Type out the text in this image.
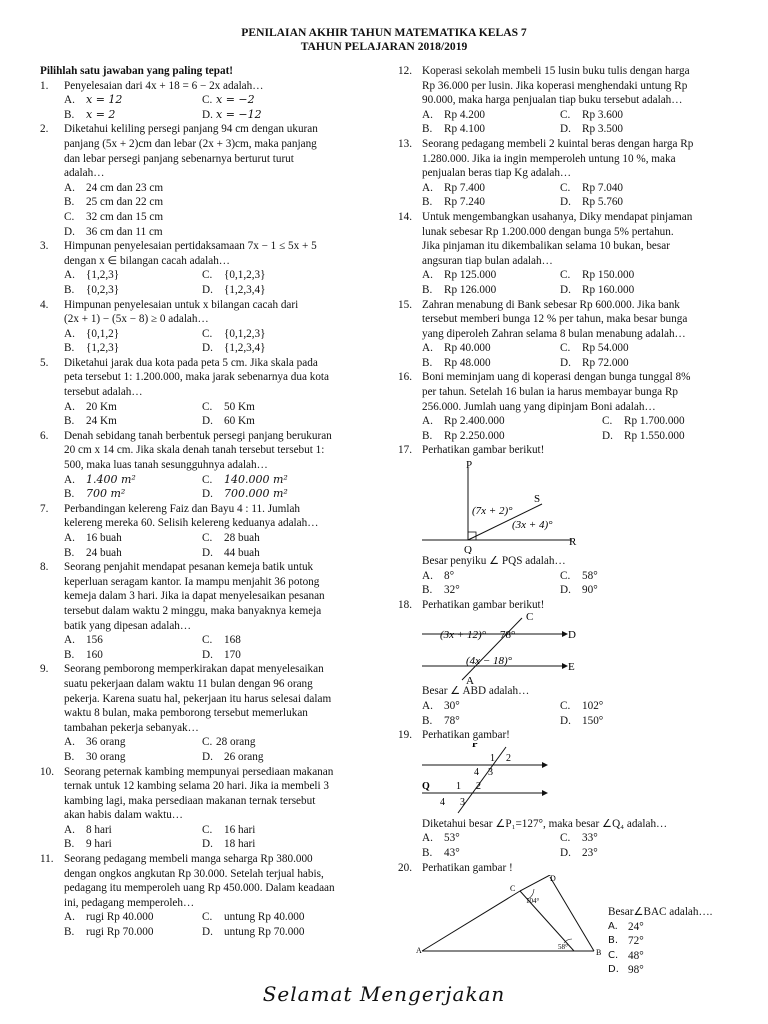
PENILAIAN AKHIR TAHUN MATEMATIKA KELAS 7
TAHUN PELAJARAN 2018/2019
Pilihlah satu jawaban yang paling tepat!
1.	Penyelesaian dari 4x + 18 = 6 − 2x adalah…
A.	x = 12	C. x = −2
B.	x = 2	D. x = −12
2.	Diketahui keliling persegi panjang 94 cm dengan ukuran
panjang (5x + 2)cm dan lebar (2x + 3)cm, maka panjang
dan lebar persegi panjang sebenarnya berturut turut
adalah…
A. 24 cm dan 23 cm
B.	25 cm dan 22 cm
C.	32 cm dan 15 cm
D. 36 cm dan 11 cm
3.	Himpunan penyelesaian pertidaksamaan 7x − 1 ≤ 5x + 5
dengan x ∈ bilangan cacah adalah…
A. {1,2,3}	C.	{0,1,2,3}
B.	{0,2,3}	D. {1,2,3,4}
4.	Himpunan penyelesaian untuk x bilangan cacah dari
(2x + 1) − (5x − 8) ≥ 0 adalah…
A. {0,1,2}	C.	{0,1,2,3}
B.	{1,2,3}	D. {1,2,3,4}
5.	Diketahui jarak dua kota pada peta 5 cm. Jika skala pada
peta tersebut 1: 1.200.000, maka jarak sebenarnya dua kota
tersebut adalah…
A. 20 Km	C.	50 Km
B.	24 Km	D. 60 Km
6.	Denah sebidang tanah berbentuk persegi panjang berukuran
20 cm x 14 cm. Jika skala denah tanah tersebut tersebut 1:
500, maka luas tanah sesungguhnya adalah…
A.	1.400 m²	C.	140.000 m²
B.	700 m²	D.	700.000 m²
7.	Perbandingan kelereng Faiz dan Bayu 4 : 11. Jumlah
kelereng mereka 60. Selisih kelereng keduanya adalah…
A. 16 buah	C.	28 buah
B.	24 buah	D. 44 buah
8.	Seorang penjahit mendapat pesanan kemeja batik untuk
keperluan seragam kantor. Ia mampu menjahit 36 potong
kemeja dalam 3 hari. Jika ia dapat menyelesaikan pesanan
tersebut dalam waktu 2 minggu, maka banyaknya kemeja
batik yang dipesan adalah…
A. 156	C.	168
B.	160	D. 170
9.	Seorang pemborong memperkirakan dapat menyelesaikan
suatu pekerjaan dalam waktu 11 bulan dengan 96 orang
pekerja. Karena suatu hal, pekerjaan itu harus selesai dalam
waktu 8 bulan, maka pemborong tersebut memerlukan
tambahan pekerja sebanyak…
A. 36 orang	C. 28 orang
B.	30 orang	D. 26 orang
10. Seorang peternak kambing mempunyai persediaan makanan
ternak untuk 12 kambing selama 20 hari. Jika ia membeli 3
kambing lagi, maka persediaan makanan ternak tersebut
akan habis dalam waktu…
A. 8 hari	C.	16 hari
B.	9 hari	D. 18 hari
11. Seorang pedagang membeli manga seharga Rp 380.000
dengan ongkos angkutan Rp 30.000. Setelah terjual habis,
pedagang itu memperoleh uang Rp 450.000. Dalam keadaan
ini, pedagang memperoleh…
A. rugi Rp 40.000	C.	untung Rp 40.000
B.	rugi Rp 70.000	D. untung Rp 70.000
12. Koperasi sekolah membeli 15 lusin buku tulis dengan harga
Rp 36.000 per lusin. Jika koperasi menghendaki untung Rp
90.000, maka harga penjualan tiap buku tersebut adalah…
A. Rp 4.200	C.	Rp 3.600
B.	Rp 4.100	D. Rp 3.500
13. Seorang pedagang membeli 2 kuintal beras dengan harga Rp
1.280.000. Jika ia ingin memperoleh untung 10 %, maka
penjualan beras tiap Kg adalah…
A. Rp 7.400	C.	Rp 7.040
B.	Rp 7.240	D. Rp 5.760
14. Untuk mengembangkan usahanya, Diky mendapat pinjaman
lunak sebesar Rp 1.200.000 dengan bunga 5% pertahun.
Jika pinjaman itu dikembalikan selama 10 bukan, besar
angsuran tiap bulan adalah…
A. Rp 125.000	C.	Rp 150.000
B.	Rp 126.000	D. Rp 160.000
15. Zahran menabung di Bank sebesar Rp 600.000. Jika bank
tersebut memberi bunga 12 % per tahun, maka besar bunga
yang diperoleh Zahran selama 8 bulan menabung adalah…
A. Rp 40.000	C.	Rp 54.000
B.	Rp 48.000	D. Rp 72.000
16. Boni meminjam uang di koperasi dengan bunga tunggal 8%
per tahun. Setelah 16 bulan ia harus membayar bunga Rp
256.000. Jumlah uang yang dipinjam Boni adalah…
A. Rp 2.400.000	C.	Rp 1.700.000
B.	Rp 2.250.000	D. Rp 1.550.000
17. Perhatikan gambar berikut!
P
S
R
Q
(7x + 2)°
(3x + 4)°
Besar penyiku ∠ PQS adalah…
A. 8°	C.	58°
B.	32°	D. 90°
18. Perhatikan gambar berikut!
C
78°	D
E
A
(3x + 12)°
(4x − 18)°
Besar ∠ ABD adalah…
A. 30°	C.	102°
B.	78°	D. 150°
19. Perhatikan gambar!
P
Q
1 2
4 3
1 2
4 3
Diketahui besar ∠P₁=127°, maka besar ∠Q₄ adalah…
A. 53°	C.	33°
B.	43°	D. 23°
20. Perhatikan gambar !
A	B
C
D
104°
58°
Besar∠BAC adalah….
A. 24°
B. 72°
C. 48°
D. 98°
Selamat Mengerjakan
